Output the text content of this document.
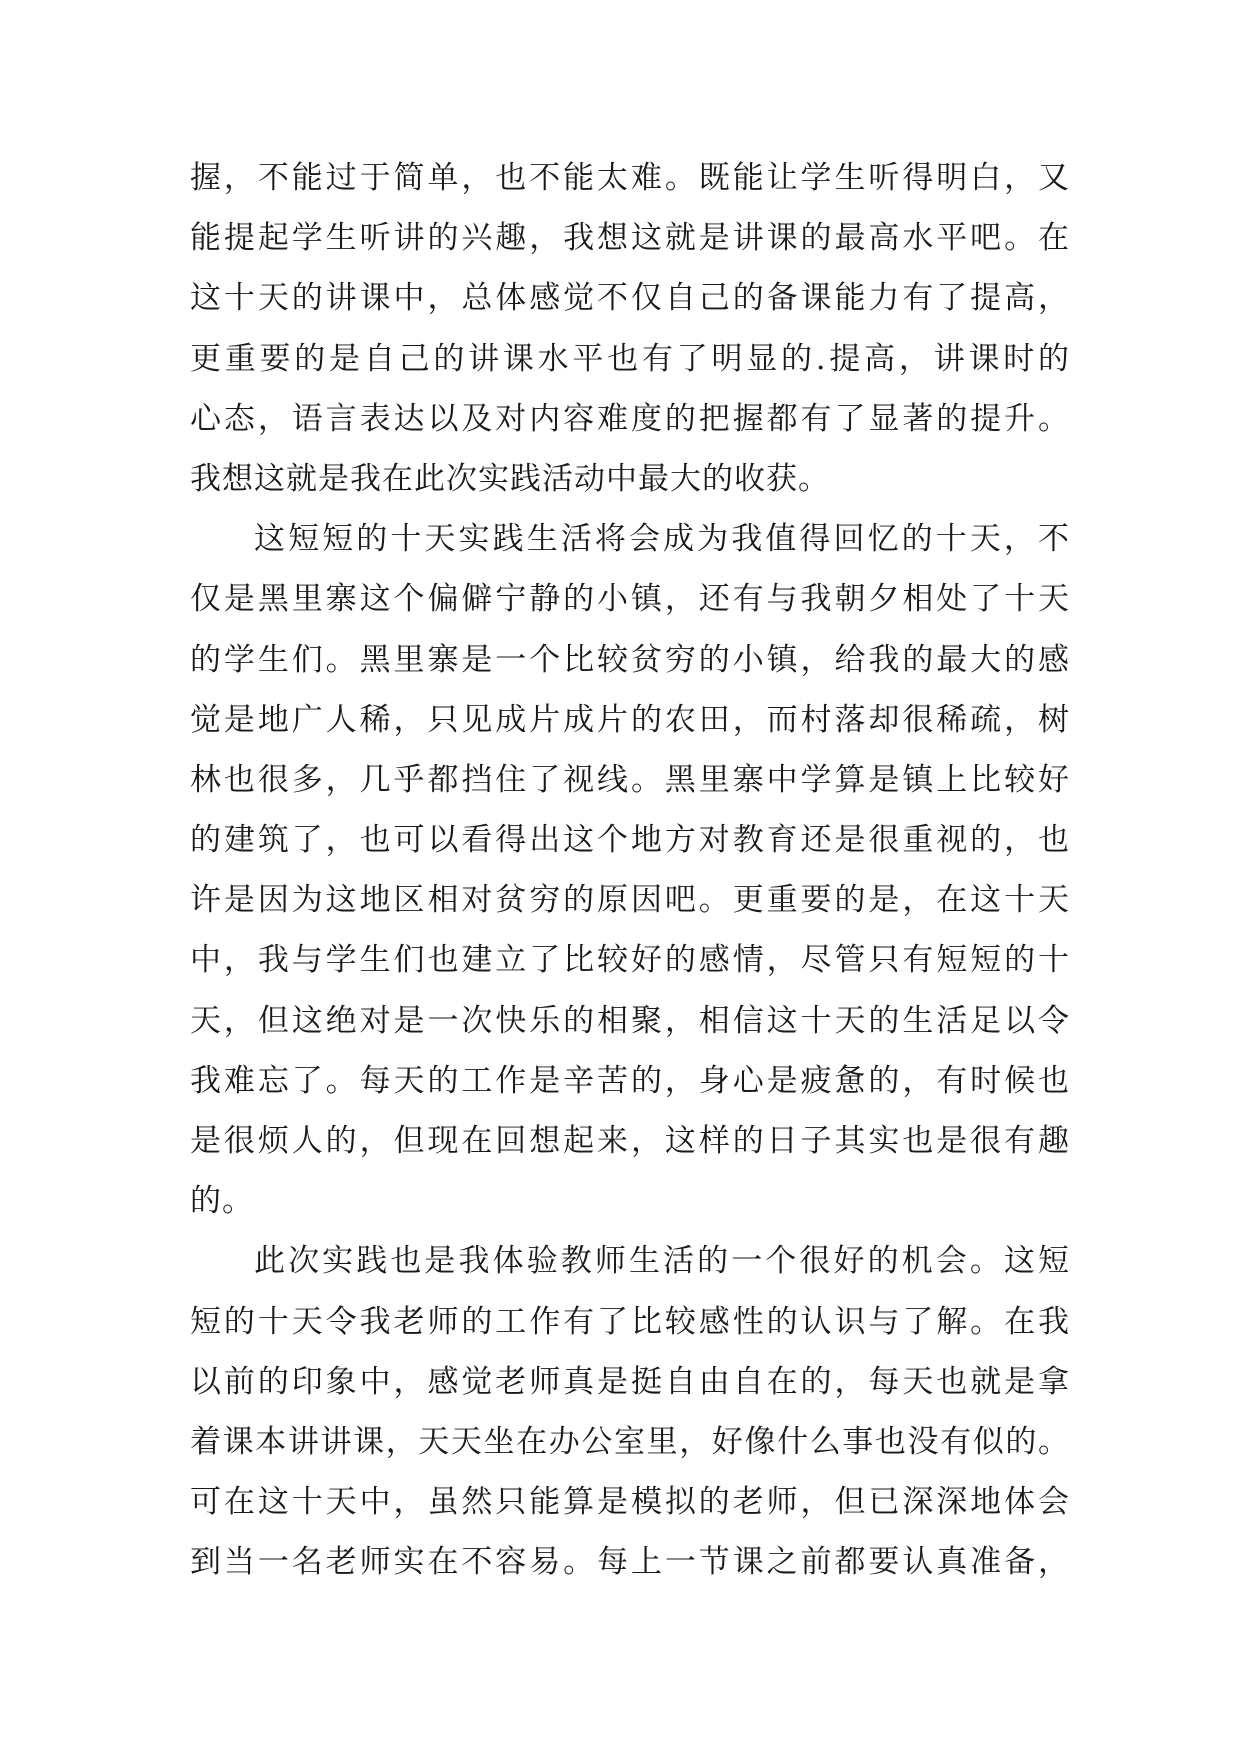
握，不能过于简单，也不能太难。既能让学生听得明白，又
能提起学生听讲的兴趣，我想这就是讲课的最高水平吧。在
这十天的讲课中，总体感觉不仅自己的备课能力有了提高，
更重要的是自己的讲课水平也有了明显的.提高，讲课时的
心态，语言表达以及对内容难度的把握都有了显著的提升。
我想这就是我在此次实践活动中最大的收获。
这短短的十天实践生活将会成为我值得回忆的十天，不
仅是黑里寨这个偏僻宁静的小镇，还有与我朝夕相处了十天
的学生们。黑里寨是一个比较贫穷的小镇，给我的最大的感
觉是地广人稀，只见成片成片的农田，而村落却很稀疏，树
林也很多，几乎都挡住了视线。黑里寨中学算是镇上比较好
的建筑了，也可以看得出这个地方对教育还是很重视的，也
许是因为这地区相对贫穷的原因吧。更重要的是，在这十天
中，我与学生们也建立了比较好的感情，尽管只有短短的十
天，但这绝对是一次快乐的相聚，相信这十天的生活足以令
我难忘了。每天的工作是辛苦的，身心是疲惫的，有时候也
是很烦人的，但现在回想起来，这样的日子其实也是很有趣
的。
此次实践也是我体验教师生活的一个很好的机会。这短
短的十天令我老师的工作有了比较感性的认识与了解。在我
以前的印象中，感觉老师真是挺自由自在的，每天也就是拿
着课本讲讲课，天天坐在办公室里，好像什么事也没有似的。
可在这十天中，虽然只能算是模拟的老师，但已深深地体会
到当一名老师实在不容易。每上一节课之前都要认真准备，
